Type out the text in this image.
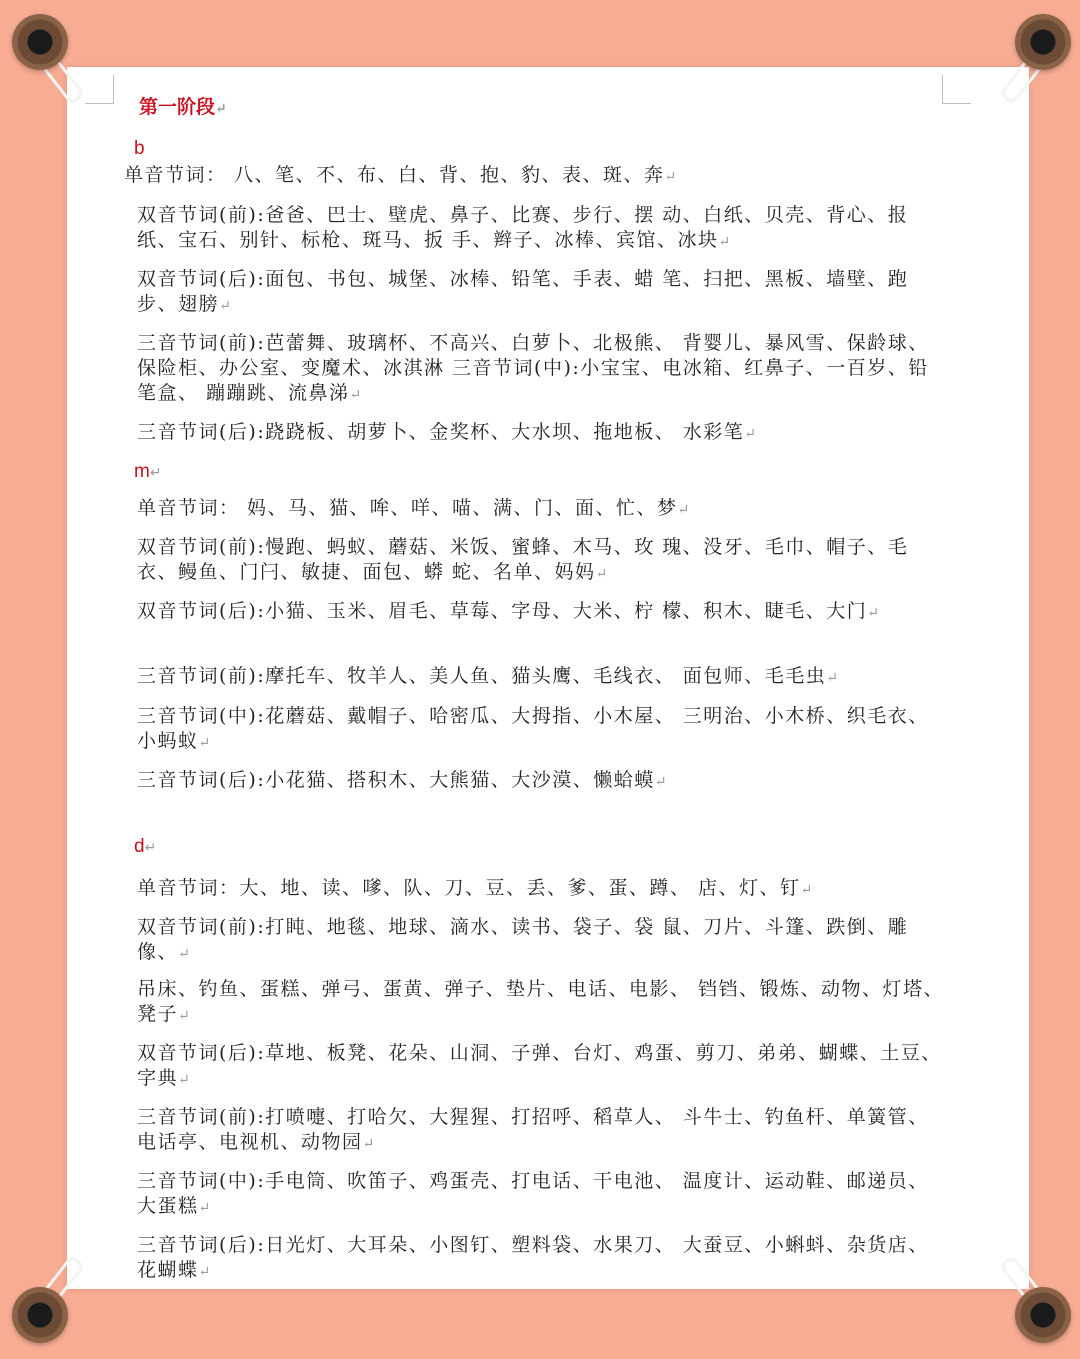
第一阶段↵
b
单音节词： 八、笔、不、布、白、背、抱、豹、表、斑、奔↵
双音节词(前):爸爸、巴士、壁虎、鼻子、比赛、步行、摆 动、白纸、贝壳、背心、报纸、宝石、别针、标枪、斑马、扳 手、辫子、冰棒、宾馆、冰块↵
双音节词(后):面包、书包、城堡、冰棒、铅笔、手表、蜡 笔、扫把、黑板、墙壁、跑步、翅膀↵
三音节词(前):芭蕾舞、玻璃杯、不高兴、白萝卜、北极熊、 背婴儿、暴风雪、保龄球、保险柜、办公室、变魔术、冰淇淋 三音节词(中):小宝宝、电冰箱、红鼻子、一百岁、铅笔盒、 蹦蹦跳、流鼻涕↵
三音节词(后):跷跷板、胡萝卜、金奖杯、大水坝、拖地板、 水彩笔↵
m↵
单音节词： 妈、马、猫、哞、咩、喵、满、门、面、忙、梦↵
双音节词(前):慢跑、蚂蚁、蘑菇、米饭、蜜蜂、木马、玫 瑰、没牙、毛巾、帽子、毛衣、鳗鱼、门闩、敏捷、面包、蟒 蛇、名单、妈妈↵
双音节词(后):小猫、玉米、眉毛、草莓、字母、大米、柠 檬、积木、睫毛、大门↵
三音节词(前):摩托车、牧羊人、美人鱼、猫头鹰、毛线衣、 面包师、毛毛虫↵
三音节词(中):花蘑菇、戴帽子、哈密瓜、大拇指、小木屋、 三明治、小木桥、织毛衣、小蚂蚁↵
三音节词(后):小花猫、搭积木、大熊猫、大沙漠、懒蛤蟆↵
d↵
单音节词：大、地、读、嗲、队、刀、豆、丢、爹、蛋、蹲、 店、灯、钉↵
双音节词(前):打盹、地毯、地球、滴水、读书、袋子、袋 鼠、刀片、斗篷、跌倒、雕像、↵
吊床、钓鱼、蛋糕、弹弓、蛋黄、弹子、垫片、电话、电影、 铛铛、锻炼、动物、灯塔、凳子↵
双音节词(后):草地、板凳、花朵、山洞、子弹、台灯、鸡蛋、剪刀、弟弟、蝴蝶、土豆、字典↵
三音节词(前):打喷嚏、打哈欠、大猩猩、打招呼、稻草人、 斗牛士、钓鱼杆、单簧管、电话亭、电视机、动物园↵
三音节词(中):手电筒、吹笛子、鸡蛋壳、打电话、干电池、 温度计、运动鞋、邮递员、大蛋糕↵
三音节词(后):日光灯、大耳朵、小图钉、塑料袋、水果刀、 大蚕豆、小蝌蚪、杂货店、花蝴蝶↵
